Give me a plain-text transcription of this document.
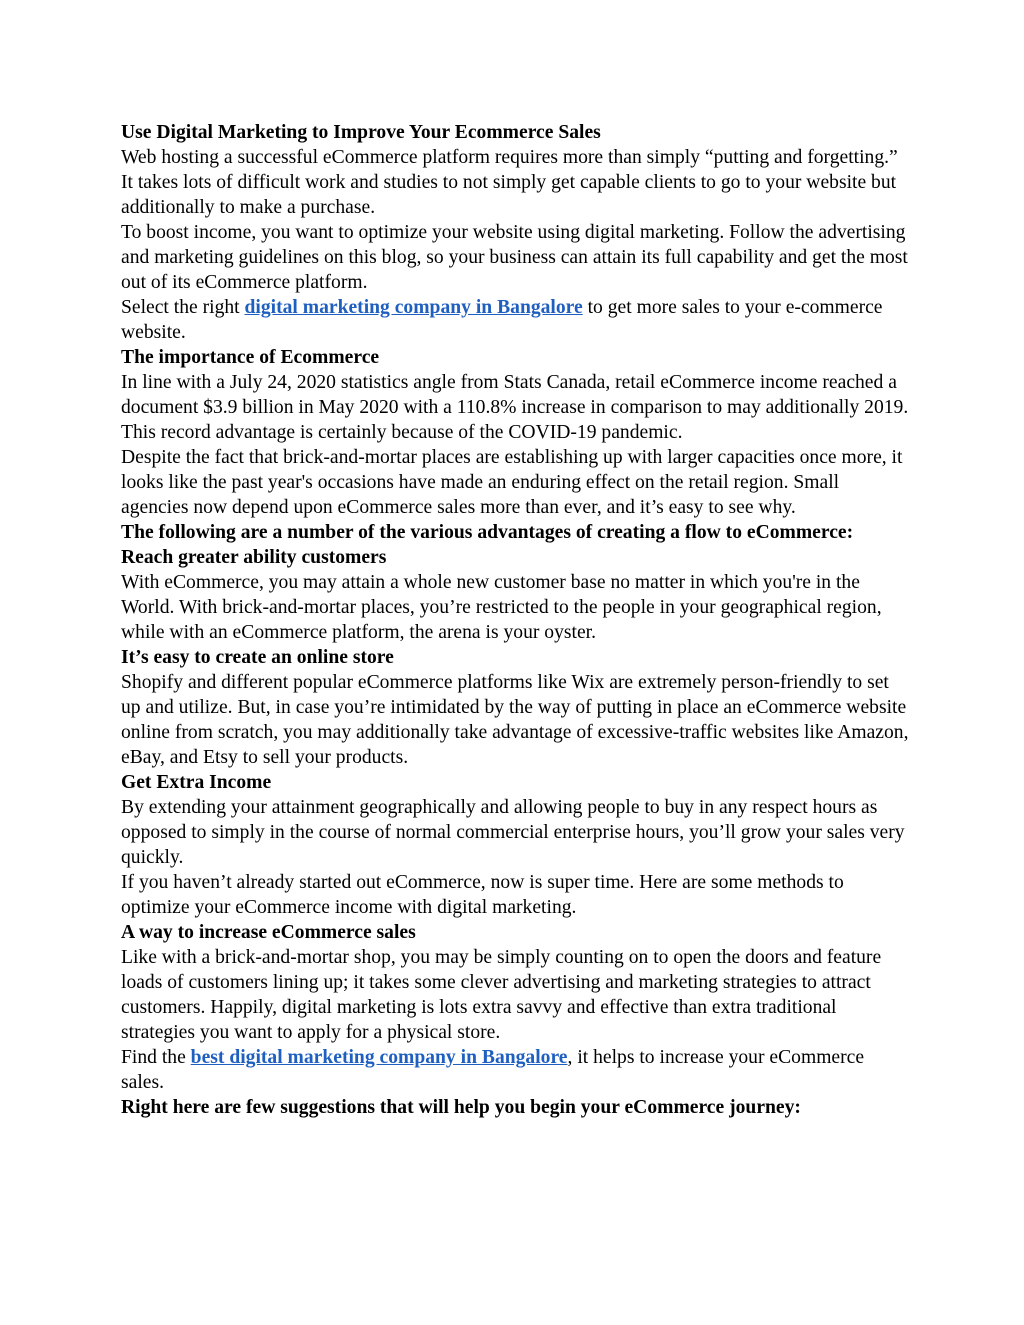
Use Digital Marketing to Improve Your Ecommerce Sales

Web hosting a successful eCommerce platform requires more than simply “putting and forgetting.” It takes lots of difficult work and studies to not simply get capable clients to go to your website but additionally to make a purchase.

To boost income, you want to optimize your website using digital marketing. Follow the advertising and marketing guidelines on this blog, so your business can attain its full capability and get the most out of its eCommerce platform.

Select the right digital marketing company in Bangalore to get more sales to your e-commerce website.

The importance of Ecommerce

In line with a July 24, 2020 statistics angle from Stats Canada, retail eCommerce income reached a document $3.9 billion in May 2020 with a 110.8% increase in comparison to may additionally 2019. This record advantage is certainly because of the COVID-19 pandemic.

Despite the fact that brick-and-mortar places are establishing up with larger capacities once more, it looks like the past year's occasions have made an enduring effect on the retail region. Small agencies now depend upon eCommerce sales more than ever, and it’s easy to see why.

The following are a number of the various advantages of creating a flow to eCommerce:

Reach greater ability customers

With eCommerce, you may attain a whole new customer base no matter in which you're in the World. With brick-and-mortar places, you’re restricted to the people in your geographical region, while with an eCommerce platform, the arena is your oyster.

It’s easy to create an online store

Shopify and different popular eCommerce platforms like Wix are extremely person-friendly to set up and utilize. But, in case you’re intimidated by the way of putting in place an eCommerce website online from scratch, you may additionally take advantage of excessive-traffic websites like Amazon, eBay, and Etsy to sell your products.

Get Extra Income

By extending your attainment geographically and allowing people to buy in any respect hours as opposed to simply in the course of normal commercial enterprise hours, you’ll grow your sales very quickly.

If you haven’t already started out eCommerce, now is super time. Here are some methods to optimize your eCommerce income with digital marketing.

A way to increase eCommerce sales

Like with a brick-and-mortar shop, you may be simply counting on to open the doors and feature loads of customers lining up; it takes some clever advertising and marketing strategies to attract customers. Happily, digital marketing is lots extra savvy and effective than extra traditional strategies you want to apply for a physical store.

Find the best digital marketing company in Bangalore, it helps to increase your eCommerce sales.

Right here are few suggestions that will help you begin your eCommerce journey:
